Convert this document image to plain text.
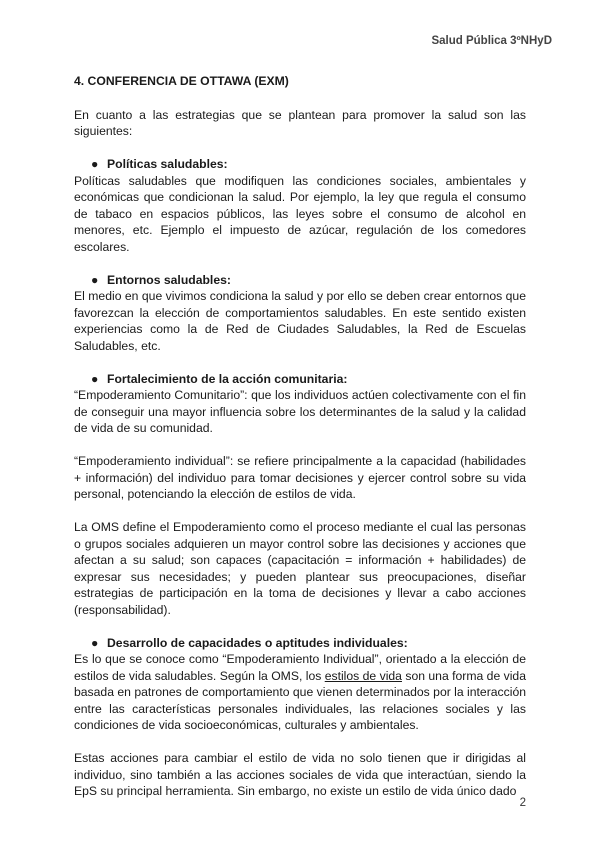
Salud Pública 3ºNHyD
4. CONFERENCIA DE OTTAWA (EXM)

En cuanto a las estrategias que se plantean para promover la salud son las siguientes:

● Políticas saludables:

Políticas saludables que modifiquen las condiciones sociales, ambientales y económicas que condicionan la salud. Por ejemplo, la ley que regula el consumo de tabaco en espacios públicos, las leyes sobre el consumo de alcohol en menores, etc. Ejemplo el impuesto de azúcar, regulación de los comedores escolares.

● Entornos saludables:

El medio en que vivimos condiciona la salud y por ello se deben crear entornos que favorezcan la elección de comportamientos saludables. En este sentido existen experiencias como la de Red de Ciudades Saludables, la Red de Escuelas Saludables, etc.

● Fortalecimiento de la acción comunitaria:

“Empoderamiento Comunitario”: que los individuos actúen colectivamente con el fin de conseguir una mayor influencia sobre los determinantes de la salud y la calidad de vida de su comunidad.

“Empoderamiento individual”: se refiere principalmente a la capacidad (habilidades + información) del individuo para tomar decisiones y ejercer control sobre su vida personal, potenciando la elección de estilos de vida.

La OMS define el Empoderamiento como el proceso mediante el cual las personas o grupos sociales adquieren un mayor control sobre las decisiones y acciones que afectan a su salud; son capaces (capacitación = información + habilidades) de expresar sus necesidades; y pueden plantear sus preocupaciones, diseñar estrategias de participación en la toma de decisiones y llevar a cabo acciones (responsabilidad).

● Desarrollo de capacidades o aptitudes individuales:

Es lo que se conoce como “Empoderamiento Individual”, orientado a la elección de estilos de vida saludables. Según la OMS, los estilos de vida son una forma de vida basada en patrones de comportamiento que vienen determinados por la interacción entre las características personales individuales, las relaciones sociales y las condiciones de vida socioeconómicas, culturales y ambientales.

Estas acciones para cambiar el estilo de vida no solo tienen que ir dirigidas al individuo, sino también a las acciones sociales de vida que interactúan, siendo la EpS su principal herramienta. Sin embargo, no existe un estilo de vida único dado

2
